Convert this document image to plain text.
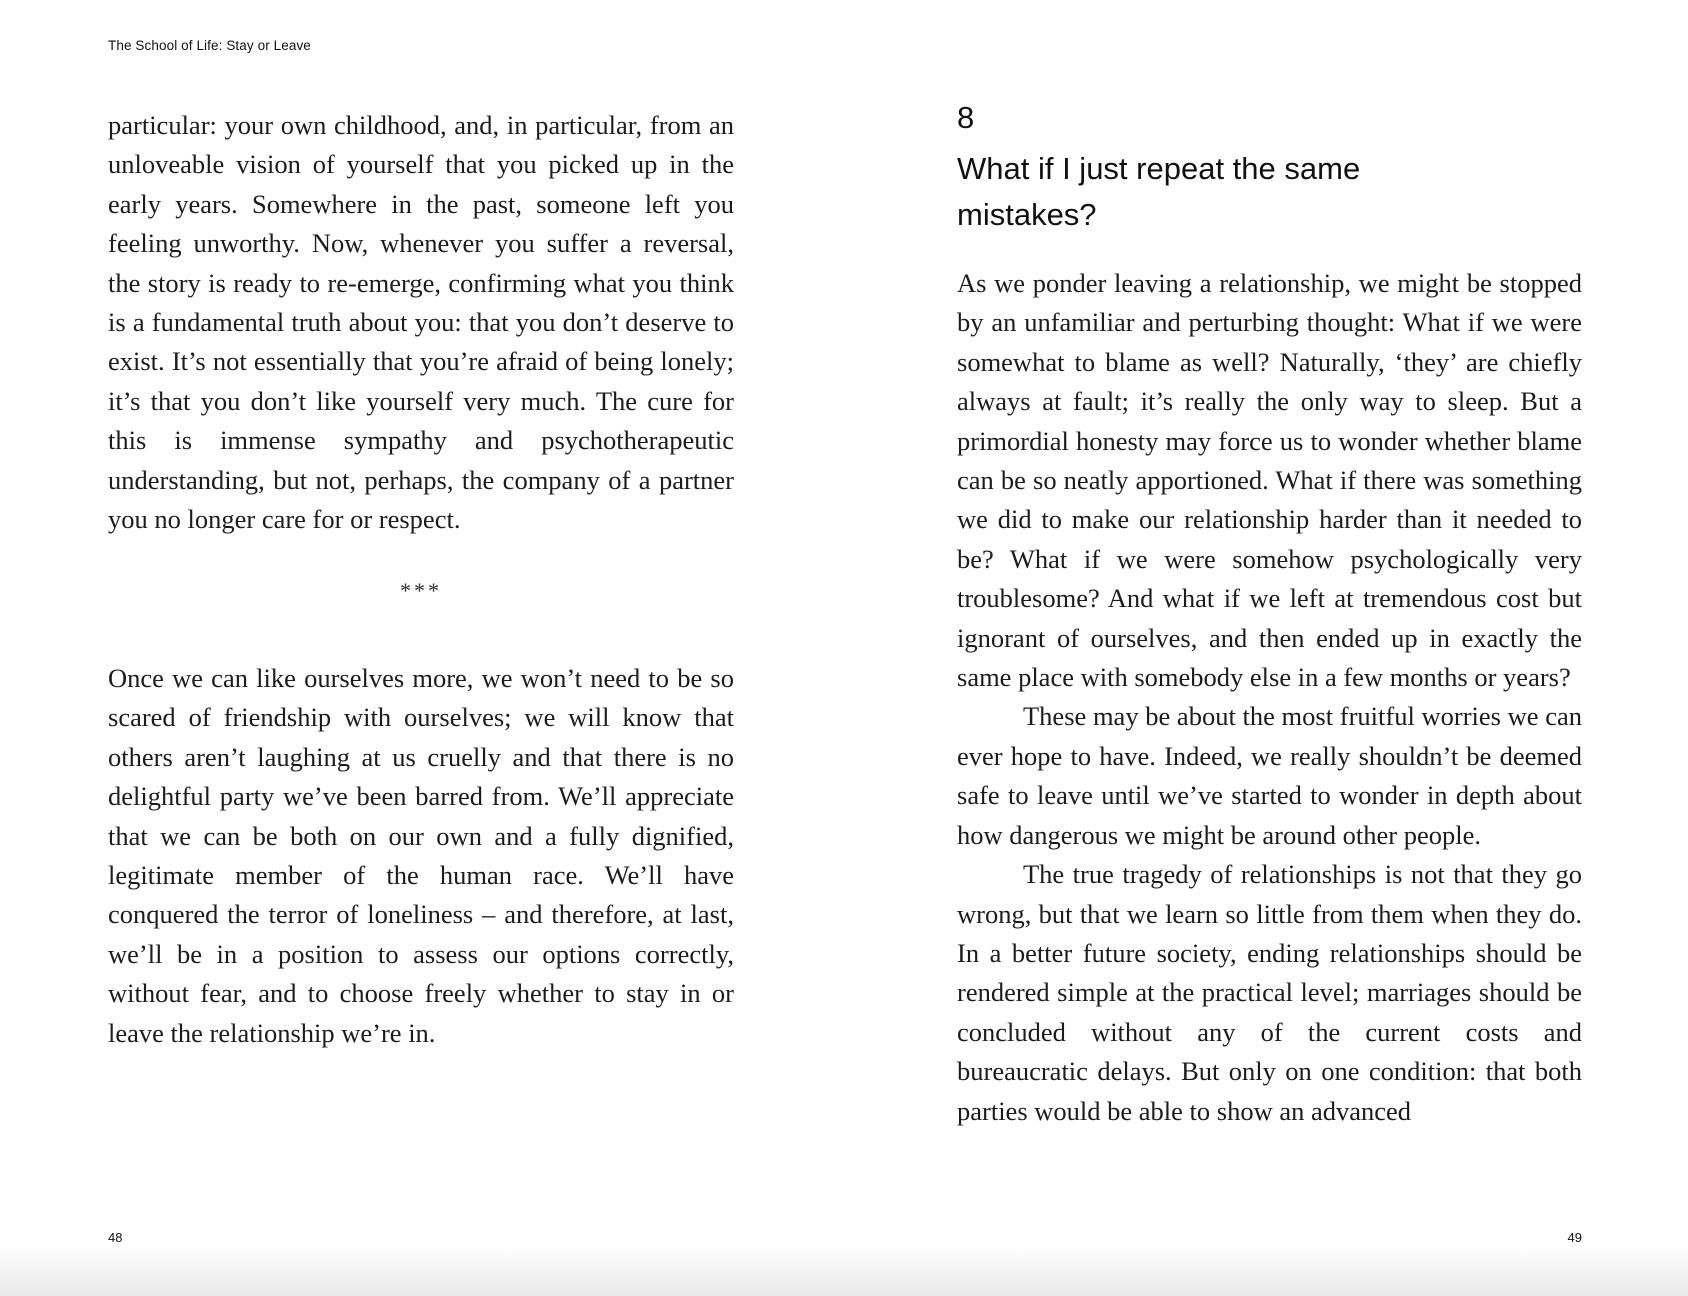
The School of Life: Stay or Leave

particular: your own childhood, and, in particular, from an unloveable vision of yourself that you picked up in the early years. Somewhere in the past, someone left you feeling unworthy. Now, whenever you suffer a reversal, the story is ready to re-emerge, confirming what you think is a fundamental truth about you: that you don’t deserve to exist. It’s not essentially that you’re afraid of being lonely; it’s that you don’t like yourself very much. The cure for this is immense sympathy and psychotherapeutic understanding, but not, perhaps, the company of a partner you no longer care for or respect.

***

Once we can like ourselves more, we won’t need to be so scared of friendship with ourselves; we will know that others aren’t laughing at us cruelly and that there is no delightful party we’ve been barred from. We’ll appreciate that we can be both on our own and a fully dignified, legitimate member of the human race. We’ll have conquered the terror of loneliness – and therefore, at last, we’ll be in a position to assess our options correctly, without fear, and to choose freely whether to stay in or leave the relationship we’re in.

48
8
What if I just repeat the same mistakes?

As we ponder leaving a relationship, we might be stopped by an unfamiliar and perturbing thought: What if we were somewhat to blame as well? Naturally, ‘they’ are chiefly always at fault; it’s really the only way to sleep. But a primordial honesty may force us to wonder whether blame can be so neatly apportioned. What if there was something we did to make our relationship harder than it needed to be? What if we were somehow psychologically very troublesome? And what if we left at tremendous cost but ignorant of ourselves, and then ended up in exactly the same place with somebody else in a few months or years?

These may be about the most fruitful worries we can ever hope to have. Indeed, we really shouldn’t be deemed safe to leave until we’ve started to wonder in depth about how dangerous we might be around other people.

The true tragedy of relationships is not that they go wrong, but that we learn so little from them when they do. In a better future society, ending relationships should be rendered simple at the practical level; marriages should be concluded without any of the current costs and bureaucratic delays. But only on one condition: that both parties would be able to show an advanced

49
